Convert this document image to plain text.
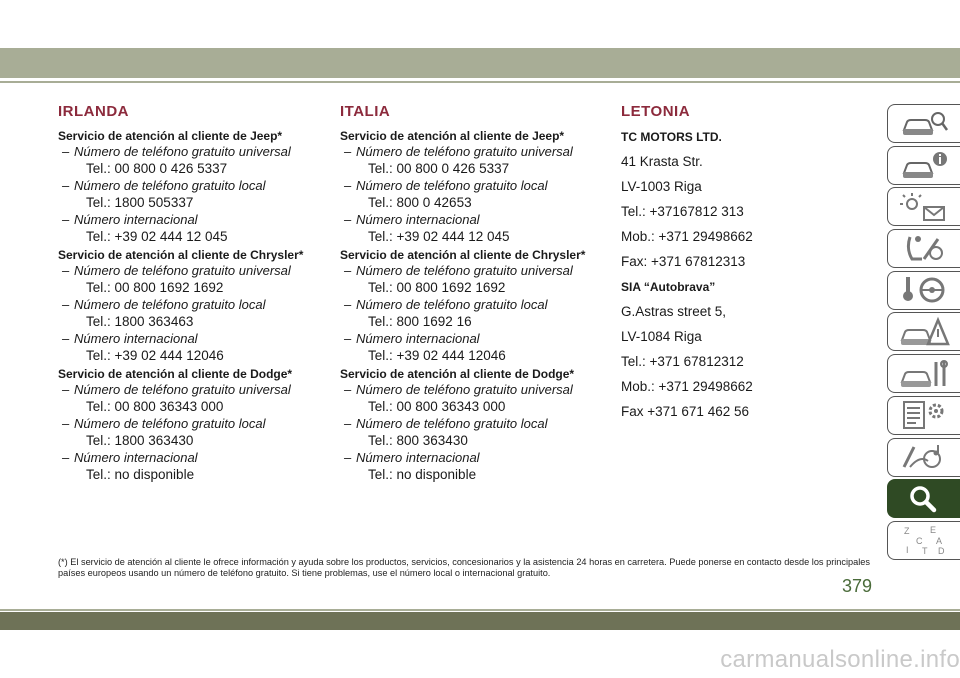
IRLANDA
Servicio de atención al cliente de Jeep*
– Número de teléfono gratuito universal
Tel.: 00 800 0 426 5337
– Número de teléfono gratuito local
Tel.: 1800 505337
– Número internacional
Tel.: +39 02 444 12 045
Servicio de atención al cliente de Chrysler*
– Número de teléfono gratuito universal
Tel.: 00 800 1692 1692
– Número de teléfono gratuito local
Tel.: 1800 363463
– Número internacional
Tel.: +39 02 444 12046
Servicio de atención al cliente de Dodge*
– Número de teléfono gratuito universal
Tel.: 00 800 36343 000
– Número de teléfono gratuito local
Tel.: 1800 363430
– Número internacional
Tel.: no disponible
ITALIA
Servicio de atención al cliente de Jeep*
– Número de teléfono gratuito universal
Tel.: 00 800 0 426 5337
– Número de teléfono gratuito local
Tel.: 800 0 42653
– Número internacional
Tel.: +39 02 444 12 045
Servicio de atención al cliente de Chrysler*
– Número de teléfono gratuito universal
Tel.: 00 800 1692 1692
– Número de teléfono gratuito local
Tel.: 800 1692 16
– Número internacional
Tel.: +39 02 444 12046
Servicio de atención al cliente de Dodge*
– Número de teléfono gratuito universal
Tel.: 00 800 36343 000
– Número de teléfono gratuito local
Tel.: 800 363430
– Número internacional
Tel.: no disponible
LETONIA
TC MOTORS LTD.
41 Krasta Str.
LV-1003 Riga
Tel.: +37167812 313
Mob.: +371 29498662
Fax: +371 67812313
SIA “Autobrava”
G.Astras street 5,
LV-1084 Riga
Tel.: +371 67812312
Mob.: +371 29498662
Fax +371 671 462 56
(*) El servicio de atención al cliente le ofrece información y ayuda sobre los productos, servicios, concesionarios y la asistencia 24 horas en carretera. Puede ponerse en contacto desde los principales países europeos usando un número de teléfono gratuito. Si tiene problemas, use el número local o internacional gratuito.
379
carmanualsonline.info
Z E
A
C
I	D
T
